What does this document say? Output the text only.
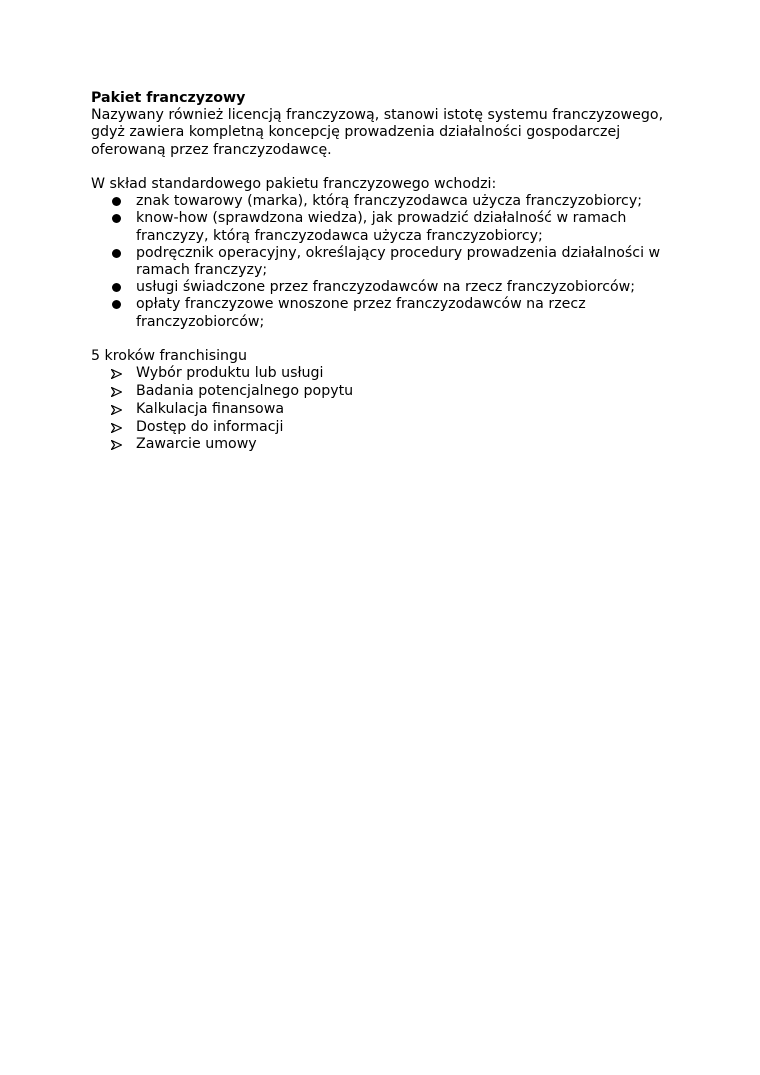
Pakiet franczyzowy
Nazywany również licencją franczyzową, stanowi istotę systemu franczyzowego,
gdyż zawiera kompletną koncepcję prowadzenia działalności gospodarczej
oferowaną przez franczyzodawcę.
W skład standardowego pakietu franczyzowego wchodzi:
znak towarowy (marka), którą franczyzodawca użycza franczyzobiorcy;
know-how (sprawdzona wiedza), jak prowadzić działalność w ramach
franczyzy, którą franczyzodawca użycza franczyzobiorcy;
podręcznik operacyjny, określający procedury prowadzenia działalności w
ramach franczyzy;
usługi świadczone przez franczyzodawców na rzecz franczyzobiorców;
opłaty franczyzowe wnoszone przez franczyzodawców na rzecz
franczyzobiorców;
5 kroków franchisingu
Wybór produktu lub usługi
Badania potencjalnego popytu
Kalkulacja finansowa
Dostęp do informacji
Zawarcie umowy
